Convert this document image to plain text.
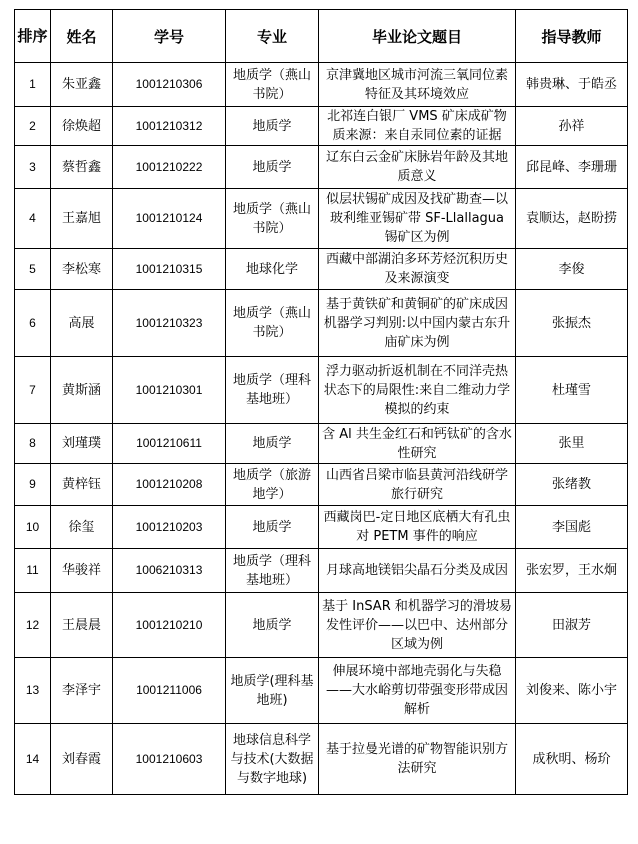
排序	姓名	学号	专业	毕业论文题目	指导教师
1	朱亚鑫	1001210306	地质学（燕山书院）	京津冀地区城市河流三氧同位素特征及其环境效应	韩贵琳、于皓丞
2	徐焕超	1001210312	地质学	北祁连白银厂 VMS 矿床成矿物质来源：来自汞同位素的证据	孙祥
3	蔡哲鑫	1001210222	地质学	辽东白云金矿床脉岩年龄及其地质意义	邱昆峰、李珊珊
4	王嘉旭	1001210124	地质学（燕山书院）	似层状锡矿成因及找矿勘查—以玻利维亚锡矿带 SF-Llallagua 锡矿区为例	袁顺达，赵盼捞
5	李松寒	1001210315	地球化学	西藏中部湖泊多环芳烃沉积历史及来源演变	李俊
6	高展	1001210323	地质学（燕山书院）	基于黄铁矿和黄铜矿的矿床成因机器学习判别:以中国内蒙古东升庙矿床为例	张振杰
7	黄斯涵	1001210301	地质学（理科基地班）	浮力驱动折返机制在不同洋壳热状态下的局限性:来自二维动力学模拟的约束	杜瑾雪
8	刘瑾璞	1001210611	地质学	含 Al 共生金红石和钙钛矿的含水性研究	张里
9	黄梓钰	1001210208	地质学（旅游地学）	山西省吕梁市临县黄河沿线研学旅行研究	张绪教
10	徐玺	1001210203	地质学	西藏岗巴-定日地区底栖大有孔虫对 PETM 事件的响应	李国彪
11	华骏祥	1006210313	地质学（理科基地班）	月球高地镁铝尖晶石分类及成因	张宏罗，王水炯
12	王晨晨	1001210210	地质学	基于 InSAR 和机器学习的滑坡易发性评价——以巴中、达州部分区域为例	田淑芳
13	李泽宇	1001211006	地质学(理科基地班)	伸展环境中部地壳弱化与失稳——大水峪剪切带强变形带成因解析	刘俊来、陈小宇
14	刘春霞	1001210603	地球信息科学与技术(大数据与数字地球)	基于拉曼光谱的矿物智能识别方法研究	成秋明、杨玠
